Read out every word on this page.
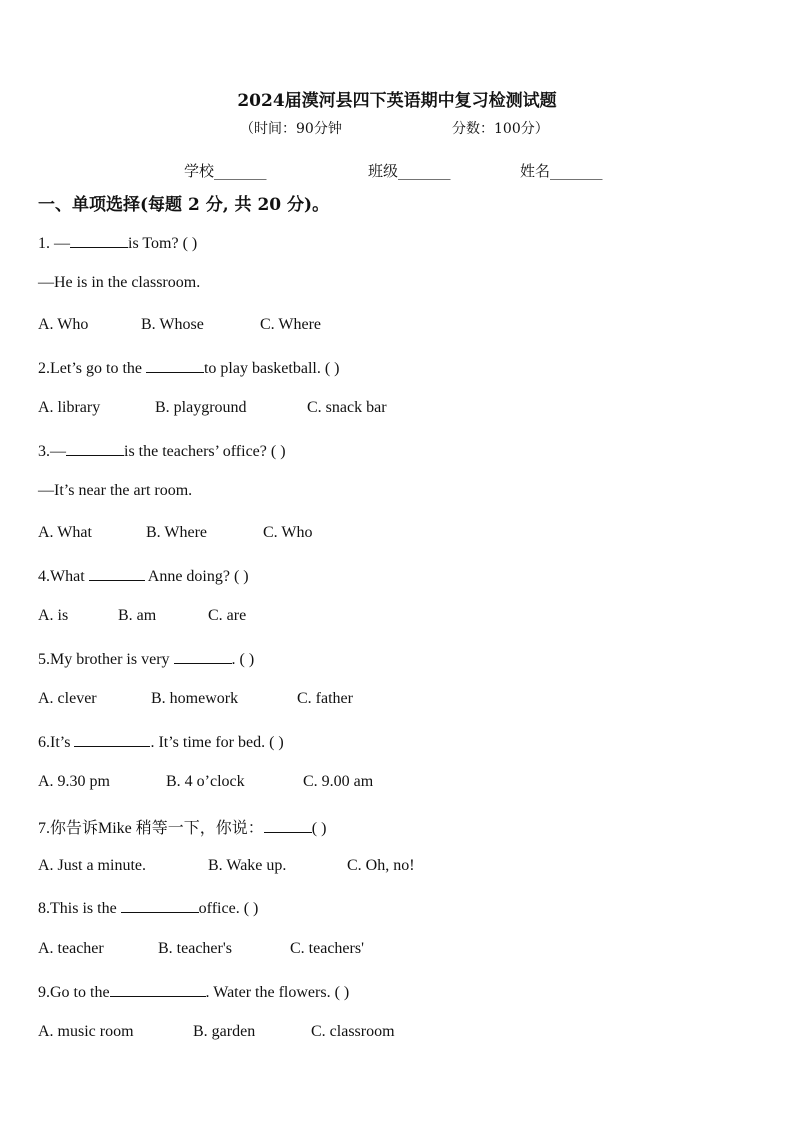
2024届漠河县四下英语期中复习检测试题
（时间：90分钟	分数：100分）
学校_______	班级_______	姓名_______
一、单项选择(每题 2 分, 共 20 分)。
1. —	is Tom? ( )
—He is in the classroom.
A. Who	B. Whose	C. Where
2.Let’s go to the	to play basketball. ( )
A. library	B. playground	C. snack bar
3.—	is the teachers’ office? ( )
—It’s near the art room.
A. What	B. Where	C. Who
4.What	Anne doing? ( )
A. is	B. am	C. are
5.My brother is very	. ( )
A. clever	B. homework	C. father
6.It’s	. It’s time for bed. ( )
A. 9.30 pm	B. 4 o’clock	C. 9.00 am
7.你告诉Mike 稍等一下，你说：	( )
A. Just a minute.	B. Wake up.	C. Oh, no!
8.This is the	office. ( )
A. teacher	B. teacher's	C. teachers'
9.Go to the	. Water the flowers. ( )
A. music room	B. garden	C. classroom
